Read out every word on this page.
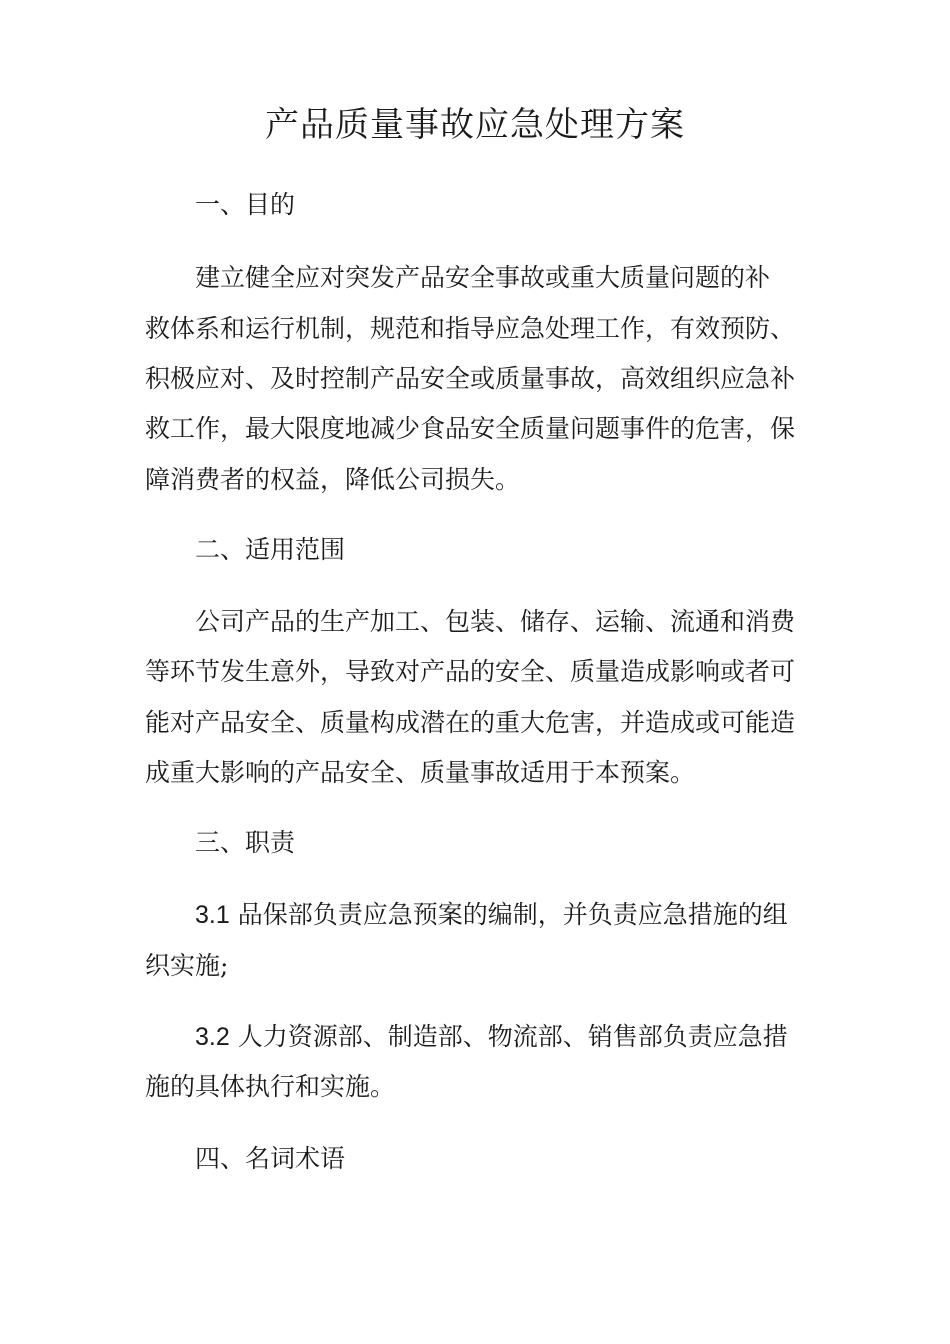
产品质量事故应急处理方案

一、目的

建立健全应对突发产品安全事故或重大质量问题的补

救体系和运行机制，规范和指导应急处理工作，有效预防、

积极应对、及时控制产品安全或质量事故，高效组织应急补

救工作，最大限度地减少食品安全质量问题事件的危害，保

障消费者的权益，降低公司损失。

二、适用范围

公司产品的生产加工、包装、储存、运输、流通和消费

等环节发生意外，导致对产品的安全、质量造成影响或者可

能对产品安全、质量构成潜在的重大危害，并造成或可能造

成重大影响的产品安全、质量事故适用于本预案。

三、职责

3.1 品保部负责应急预案的编制，并负责应急措施的组

织实施;

3.2 人力资源部、制造部、物流部、销售部负责应急措

施的具体执行和实施。

四、名词术语
